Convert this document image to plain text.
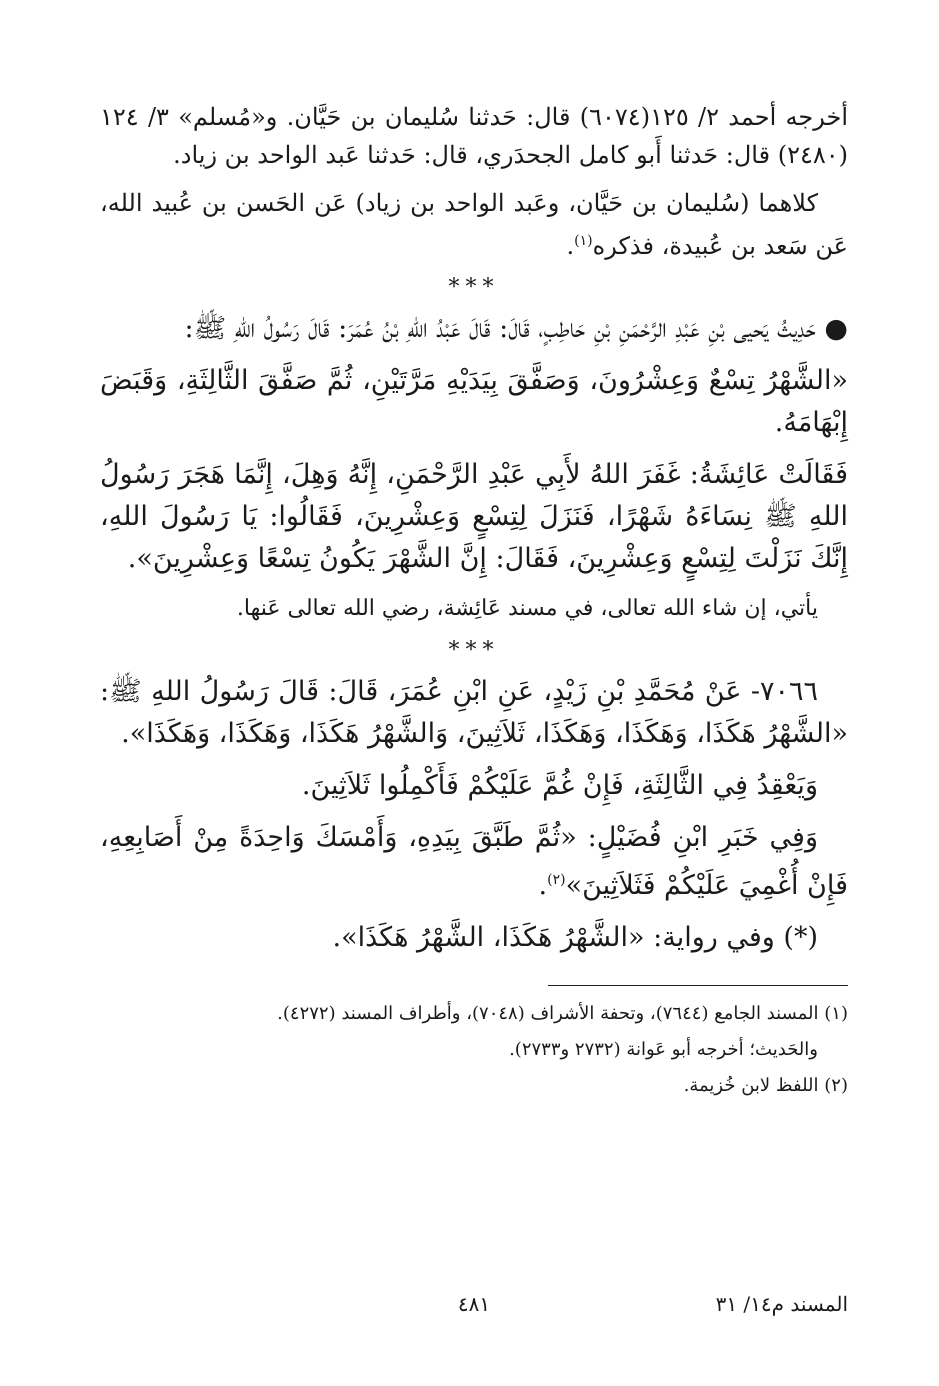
أخرجه أحمد ٢/ ١٢٥(٦٠٧٤) قال: حَدثنا سُليمان بن حَيَّان. و«مُسلم» ٣/ ١٢٤ (٢٤٨٠) قال: حَدثنا أَبو كامل الجحدَري، قال: حَدثنا عَبد الواحد بن زياد.

كلاهما (سُليمان بن حَيَّان، وعَبد الواحد بن زياد) عَن الحَسن بن عُبيد الله، عَن سَعد بن عُبيدة، فذكره$^{(١)}$.

***

● حَدِيثُ يَحيى بْنِ عَبْدِ الرَّحْمَنِ بْنِ حَاطِبٍ، قَالَ: قَالَ عَبْدُ اللهِ بْنُ عُمَرَ: قَالَ رَسُولُ اللهِ ﷺ:

«الشَّهْرُ تِسْعٌ وَعِشْرُونَ، وَصَفَّقَ بِيَدَيْهِ مَرَّتَيْنِ، ثُمَّ صَفَّقَ الثَّالِثَةِ، وَقَبَضَ إِبْهَامَهُ.

فَقَالَتْ عَائِشَةُ: غَفَرَ اللهُ لأَبِي عَبْدِ الرَّحْمَنِ، إِنَّهُ وَهِلَ، إِنَّمَا هَجَرَ رَسُولُ اللهِ ﷺ نِسَاءَهُ شَهْرًا، فَنَزَلَ لِتِسْعٍ وَعِشْرِينَ، فَقَالُوا: يَا رَسُولَ اللهِ، إِنَّكَ نَزَلْتَ لِتِسْعٍ وَعِشْرِينَ، فَقَالَ: إِنَّ الشَّهْرَ يَكُونُ تِسْعًا وَعِشْرِينَ».

يأتي، إن شاء الله تعالى، في مسند عَائِشة، رضي الله تعالى عَنها.

***

٧٠٦٦- عَنْ مُحَمَّدِ بْنِ زَيْدٍ، عَنِ ابْنِ عُمَرَ، قَالَ: قَالَ رَسُولُ اللهِ ﷺ: «الشَّهْرُ هَكَذَا، وَهَكَذَا، وَهَكَذَا، ثَلاَثِينَ، وَالشَّهْرُ هَكَذَا، وَهَكَذَا، وَهَكَذَا».

وَيَعْقِدُ فِي الثَّالِثَةِ، فَإِنْ غُمَّ عَلَيْكُمْ فَأَكْمِلُوا ثَلاَثِينَ.

وَفِي خَبَرِ ابْنِ فُضَيْلٍ: «ثُمَّ طَبَّقَ بِيَدِهِ، وَأَمْسَكَ وَاحِدَةً مِنْ أَصَابِعِهِ، فَإِنْ أُغْمِيَ عَلَيْكُمْ فَثَلاَثِينَ»$^{(٢)}$.

(*) وفي رواية: «الشَّهْرُ هَكَذَا، الشَّهْرُ هَكَذَا».

(١) المسند الجامع (٧٦٤٤)، وتحفة الأشراف (٧٠٤٨)، وأطراف المسند (٤٢٧٢).

والحَديث؛ أخرجه أبو عَوانة (٢٧٣٢ و٢٧٣٣).

(٢) اللفظ لابن خُزيمة.

المسند م١٤/ ٣١
٤٨١
